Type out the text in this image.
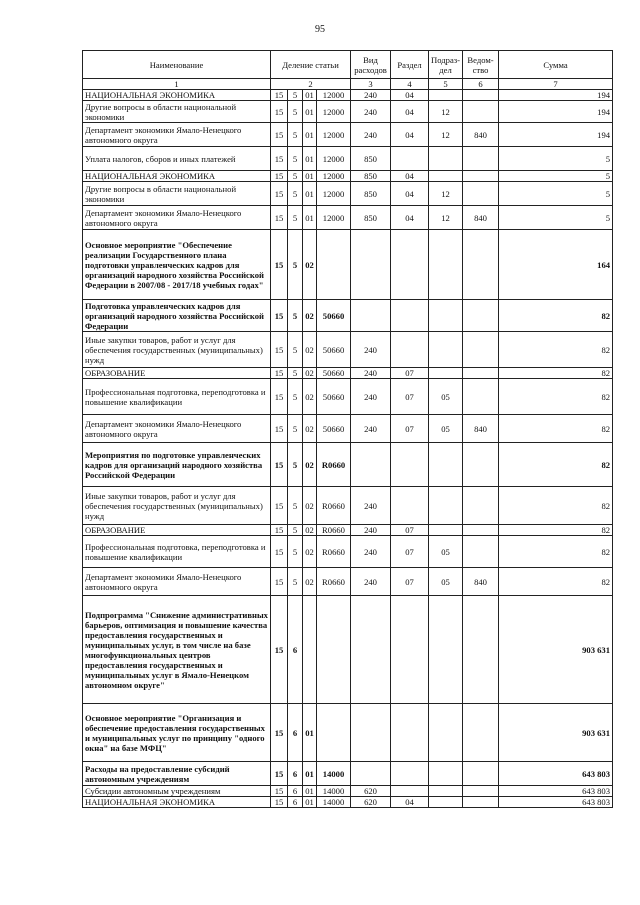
95
Наименование	Деление статьи				Вид расходов	Раздел	Подраз-дел	Ведом-ство	Сумма
1	2				3	4	5	6	7
НАЦИОНАЛЬНАЯ ЭКОНОМИКА	15	5	01	12000	240	04			194
Другие вопросы в области национальной экономики	15	5	01	12000	240	04	12		194
Департамент экономики Ямало-Ненецкого автономного округа	15	5	01	12000	240	04	12	840	194
Уплата налогов, сборов и иных платежей	15	5	01	12000	850				5
НАЦИОНАЛЬНАЯ ЭКОНОМИКА	15	5	01	12000	850	04			5
Другие вопросы в области национальной экономики	15	5	01	12000	850	04	12		5
Департамент экономики Ямало-Ненецкого автономного округа	15	5	01	12000	850	04	12	840	5
Основное мероприятие "Обеспечение реализации Государственного плана подготовки управленческих кадров для организаций народного хозяйства Российской Федерации в 2007/08 - 2017/18 учебных годах"	15	5	02						164
Подготовка управленческих кадров для организаций народного хозяйства Российской Федерации	15	5	02	50660					82
Иные закупки товаров, работ и услуг для обеспечения государственных (муниципальных) нужд	15	5	02	50660	240				82
ОБРАЗОВАНИЕ	15	5	02	50660	240	07			82
Профессиональная подготовка, переподготовка и повышение квалификации	15	5	02	50660	240	07	05		82
Департамент экономики Ямало-Ненецкого автономного округа	15	5	02	50660	240	07	05	840	82
Мероприятия по подготовке управленческих кадров для организаций народного хозяйства Российской Федерации	15	5	02	R0660					82
Иные закупки товаров, работ и услуг для обеспечения государственных (муниципальных) нужд	15	5	02	R0660	240				82
ОБРАЗОВАНИЕ	15	5	02	R0660	240	07			82
Профессиональная подготовка, переподготовка и повышение квалификации	15	5	02	R0660	240	07	05		82
Департамент экономики Ямало-Ненецкого автономного округа	15	5	02	R0660	240	07	05	840	82
Подпрограмма "Снижение административных барьеров, оптимизация и повышение качества предоставления государственных и муниципальных услуг, в том числе на базе многофункциональных центров предоставления государственных и муниципальных услуг в Ямало-Ненецком автономном округе"	15	6							903 631
Основное мероприятие "Организация и обеспечение предоставления государственных и муниципальных услуг по принципу "одного окна" на базе МФЦ"	15	6	01						903 631
Расходы на предоставление субсидий автономным учреждениям	15	6	01	14000					643 803
Субсидии автономным учреждениям	15	6	01	14000	620				643 803
НАЦИОНАЛЬНАЯ ЭКОНОМИКА	15	6	01	14000	620	04			643 803
